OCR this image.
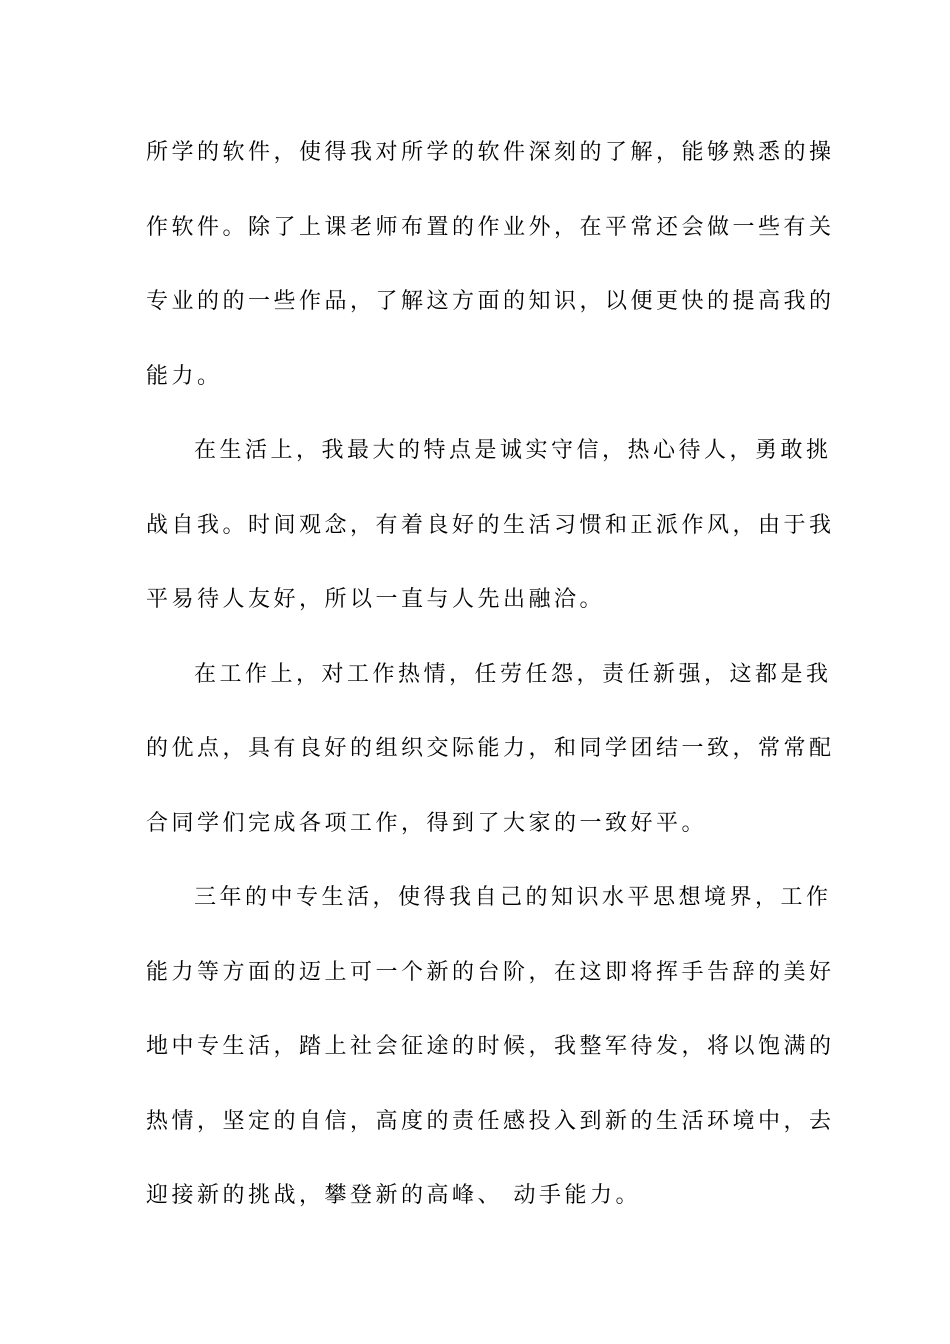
所学的软件，使得我对所学的软件深刻的了解，能够熟悉的操
作软件。除了上课老师布置的作业外，在平常还会做一些有关
专业的的一些作品，了解这方面的知识，以便更快的提高我的
能力。
在生活上，我最大的特点是诚实守信，热心待人，勇敢挑
战自我。时间观念，有着良好的生活习惯和正派作风，由于我
平易待人友好，所以一直与人先出融洽。
在工作上，对工作热情，任劳任怨，责任新强，这都是我
的优点，具有良好的组织交际能力，和同学团结一致，常常配
合同学们完成各项工作，得到了大家的一致好平。
三年的中专生活，使得我自己的知识水平思想境界，工作
能力等方面的迈上可一个新的台阶，在这即将挥手告辞的美好
地中专生活，踏上社会征途的时候，我整军待发，将以饱满的
热情，坚定的自信，高度的责任感投入到新的生活环境中，去
迎接新的挑战，攀登新的高峰、 动手能力。
